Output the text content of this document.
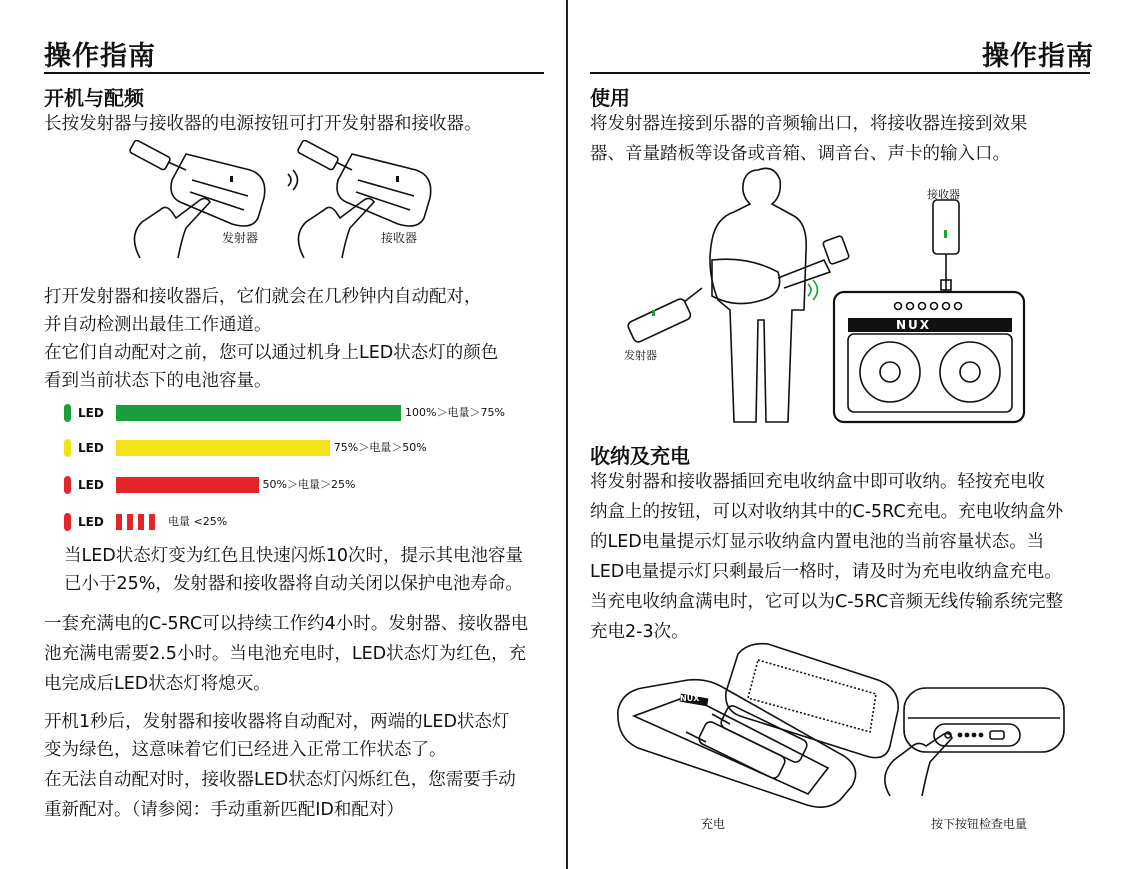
操作指南
开机与配频
长按发射器与接收器的电源按钮可打开发射器和接收器。
发射器	接收器
打开发射器和接收器后，它们就会在几秒钟内自动配对，
并自动检测出最佳工作通道。
在它们自动配对之前，您可以通过机身上LED状态灯的颜色
看到当前状态下的电池容量。
LED	100%＞电量＞75%
LED	75%＞电量＞50%
LED	50%＞电量＞25%
LED	电量 <25%
当LED状态灯变为红色且快速闪烁10次时，提示其电池容量
已小于25%，发射器和接收器将自动关闭以保护电池寿命。
一套充满电的C-5RC可以持续工作约4小时。发射器、接收器电
池充满电需要2.5小时。当电池充电时，LED状态灯为红色，充
电完成后LED状态灯将熄灭。
开机1秒后，发射器和接收器将自动配对，两端的LED状态灯
变为绿色，这意味着它们已经进入正常工作状态了。
在无法自动配对时，接收器LED状态灯闪烁红色，您需要手动
重新配对。（请参阅：手动重新匹配ID和配对）
操作指南
使用
将发射器连接到乐器的音频输出口，将接收器连接到效果
器、音量踏板等设备或音箱、调音台、声卡的输入口。
接收器
发射器
NUX
收纳及充电
将发射器和接收器插回充电收纳盒中即可收纳。轻按充电收
纳盒上的按钮，可以对收纳其中的C-5RC充电。充电收纳盒外
的LED电量提示灯显示收纳盒内置电池的当前容量状态。当
LED电量提示灯只剩最后一格时，请及时为充电收纳盒充电。
当充电收纳盒满电时，它可以为C-5RC音频无线传输系统完整
充电2-3次。
充电	按下按钮检查电量
NUX
